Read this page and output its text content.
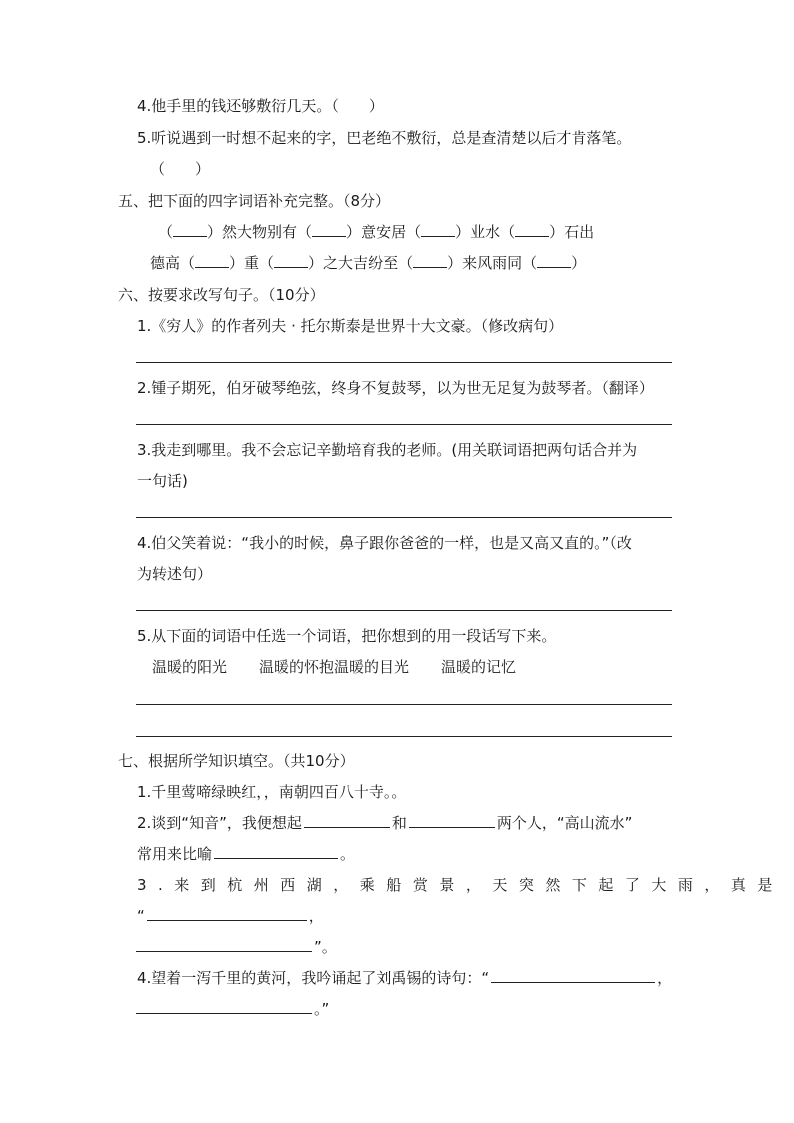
4.他手里的钱还够敷衍几天。（　　）
5.听说遇到一时想不起来的字，巴老绝不敷衍，总是查清楚以后才肯落笔。
（　　）
五、把下面的四字词语补充完整。（8分）
（ ）然大物别有（ ）意安居（ ）业水（ ）石出
德高（ ）重（ ）之大吉纷至（ ）来风雨同（ ）
六、按要求改写句子。（10分）
1.《穷人》的作者列夫 · 托尔斯泰是世界十大文豪。（修改病句）
2.锺子期死，伯牙破琴绝弦，终身不复鼓琴，以为世无足复为鼓琴者。（翻译）
3.我走到哪里。我不会忘记辛勤培育我的老师。(用关联词语把两句话合并为
一句话)
4.伯父笑着说：“我小的时候，鼻子跟你爸爸的一样，也是又高又直的。”（改
为转述句）
5.从下面的词语中任选一个词语，把你想到的用一段话写下来。
温暖的阳光 温暖的怀抱温暖的目光 温暖的记忆
七、根据所学知识填空。（共10分）
1.千里莺啼绿映红，，南朝四百八十寺。。
2.谈到“知音”，我便想起	和	两个人，“高山流水”
常用来比喻	。
3.来到杭州西湖，乘船赏景，天突然下起了大雨，真是
“	，
”。
4.望着一泻千里的黄河，我吟诵起了刘禹锡的诗句：“	，
。”
